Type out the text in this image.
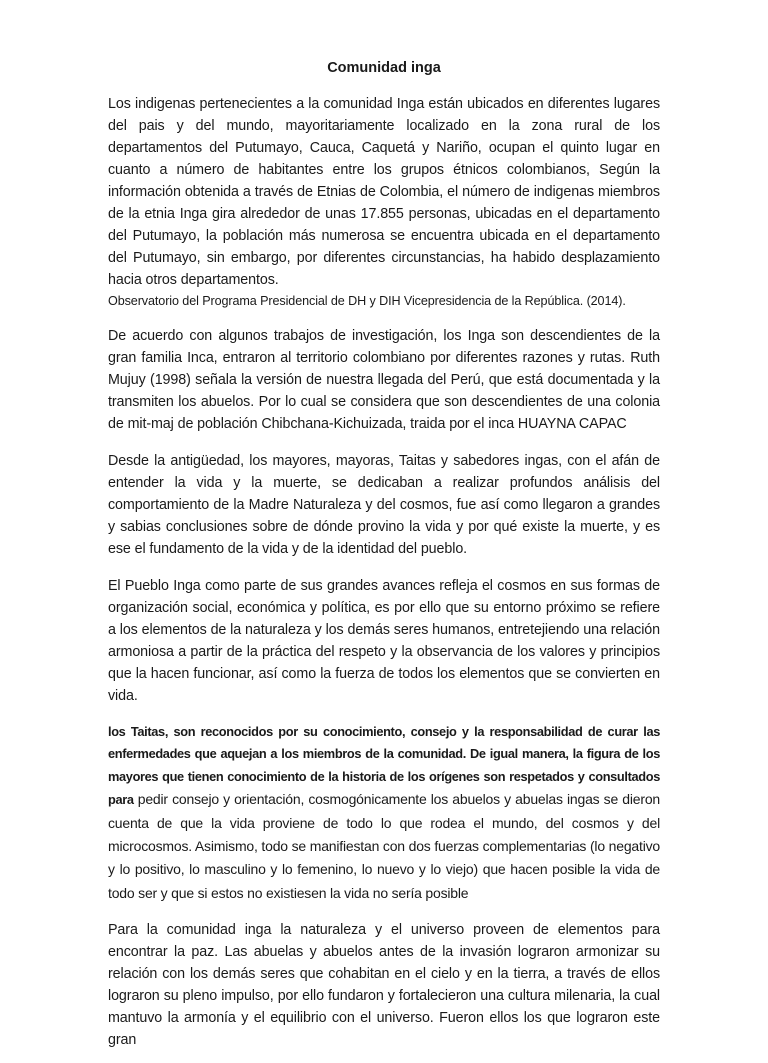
Comunidad inga
Los indigenas pertenecientes a la comunidad Inga están ubicados en diferentes lugares del pais y del mundo, mayoritariamente localizado en la zona rural de los departamentos del Putumayo, Cauca, Caquetá y Nariño, ocupan el quinto lugar en cuanto a número de habitantes entre los grupos étnicos colombianos, Según la información obtenida a través de Etnias de Colombia, el número de indigenas miembros de la etnia Inga gira alrededor de unas 17.855 personas, ubicadas en el departamento del Putumayo, la población más numerosa se encuentra ubicada en el departamento del Putumayo, sin embargo, por diferentes circunstancias, ha habido desplazamiento hacia otros departamentos.
Observatorio del Programa Presidencial de DH y DIH Vicepresidencia de la República. (2014).
De acuerdo con algunos trabajos de investigación, los Inga son descendientes de la gran familia Inca, entraron al territorio colombiano por diferentes razones y rutas. Ruth Mujuy (1998) señala la versión de nuestra llegada del Perú, que está documentada y la transmiten los abuelos. Por lo cual se considera que son descendientes de una colonia de mit-maj de población Chibchana-Kichuizada, traida por el inca HUAYNA CAPAC
Desde la antigüedad, los mayores, mayoras, Taitas y sabedores ingas, con el afán de entender la vida y la muerte, se dedicaban a realizar profundos análisis del comportamiento de la Madre Naturaleza y del cosmos, fue así como llegaron a grandes y sabias conclusiones sobre de dónde provino la vida y por qué existe la muerte, y es ese el fundamento de la vida y de la identidad del pueblo.
El Pueblo Inga como parte de sus grandes avances refleja el cosmos en sus formas de organización social, económica y política, es por ello que su entorno próximo se refiere a los elementos de la naturaleza y los demás seres humanos, entretejiendo una relación armoniosa a partir de la práctica del respeto y la observancia de los valores y principios que la hacen funcionar, así como la fuerza de todos los elementos que se convierten en vida.
los Taitas, son reconocidos por su conocimiento, consejo y la responsabilidad de curar las enfermedades que aquejan a los miembros de la comunidad. De igual manera, la figura de los mayores que tienen conocimiento de la historia de los orígenes son respetados y consultados para pedir consejo y orientación, cosmogónicamente los abuelos y abuelas ingas se dieron cuenta de que la vida proviene de todo lo que rodea el mundo, del cosmos y del microcosmos. Asimismo, todo se manifiestan con dos fuerzas complementarias (lo negativo y lo positivo, lo masculino y lo femenino, lo nuevo y lo viejo) que hacen posible la vida de todo ser y que si estos no existiesen la vida no sería posible
Para la comunidad inga la naturaleza y el universo proveen de elementos para encontrar la paz. Las abuelas y abuelos antes de la invasión lograron armonizar su relación con los demás seres que cohabitan en el cielo y en la tierra, a través de ellos lograron su pleno impulso, por ello fundaron y fortalecieron una cultura milenaria, la cual mantuvo la armonía y el equilibrio con el universo. Fueron ellos los que lograron este gran
